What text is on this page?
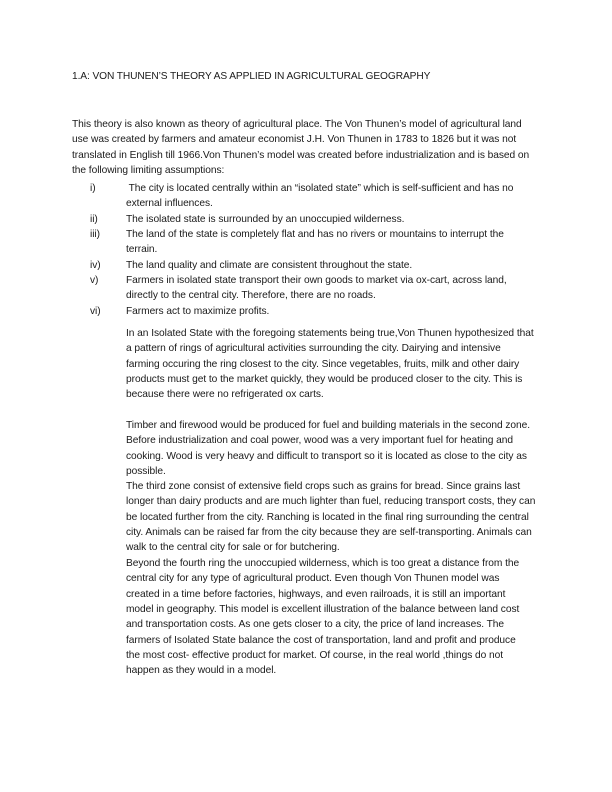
1.A: VON THUNEN’S THEORY AS APPLIED IN AGRICULTURAL GEOGRAPHY
This theory is also known as theory of agricultural place. The Von Thunen’s model of agricultural land
use was created by farmers and amateur economist J.H. Von Thunen in 1783 to 1826 but it was not
translated in English till 1966.Von Thunen’s model was created before industrialization and is based on
the following limiting assumptions:
i)	The city is located centrally within an “isolated state” which is self-sufficient and has no
external influences.
ii)	The isolated state is surrounded by an unoccupied wilderness.
iii)	The land of the state is completely flat and has no rivers or mountains to interrupt the
terrain.
iv) The land quality and climate are consistent throughout the state.
v)	Farmers in isolated state transport their own goods to market via ox-cart, across land,
directly to the central city. Therefore, there are no roads.
vi) Farmers act to maximize profits.
In an Isolated State with the foregoing statements being true,Von Thunen hypothesized that
a pattern of rings of agricultural activities surrounding the city. Dairying and intensive
farming occuring the ring closest to the city. Since vegetables, fruits, milk and other dairy
products must get to the market quickly, they would be produced closer to the city. This is
because there were no refrigerated ox carts.
Timber and firewood would be produced for fuel and building materials in the second zone.
Before industrialization and coal power, wood was a very important fuel for heating and
cooking. Wood is very heavy and difficult to transport so it is located as close to the city as
possible.
The third zone consist of extensive field crops such as grains for bread. Since grains last
longer than dairy products and are much lighter than fuel, reducing transport costs, they can
be located further from the city. Ranching is located in the final ring surrounding the central
city. Animals can be raised far from the city because they are self-transporting. Animals can
walk to the central city for sale or for butchering.
Beyond the fourth ring the unoccupied wilderness, which is too great a distance from the
central city for any type of agricultural product. Even though Von Thunen model was
created in a time before factories, highways, and even railroads, it is still an important
model in geography. This model is excellent illustration of the balance between land cost
and transportation costs. As one gets closer to a city, the price of land increases. The
farmers of Isolated State balance the cost of transportation, land and profit and produce
the most cost- effective product for market. Of course, in the real world ,things do not
happen as they would in a model.
